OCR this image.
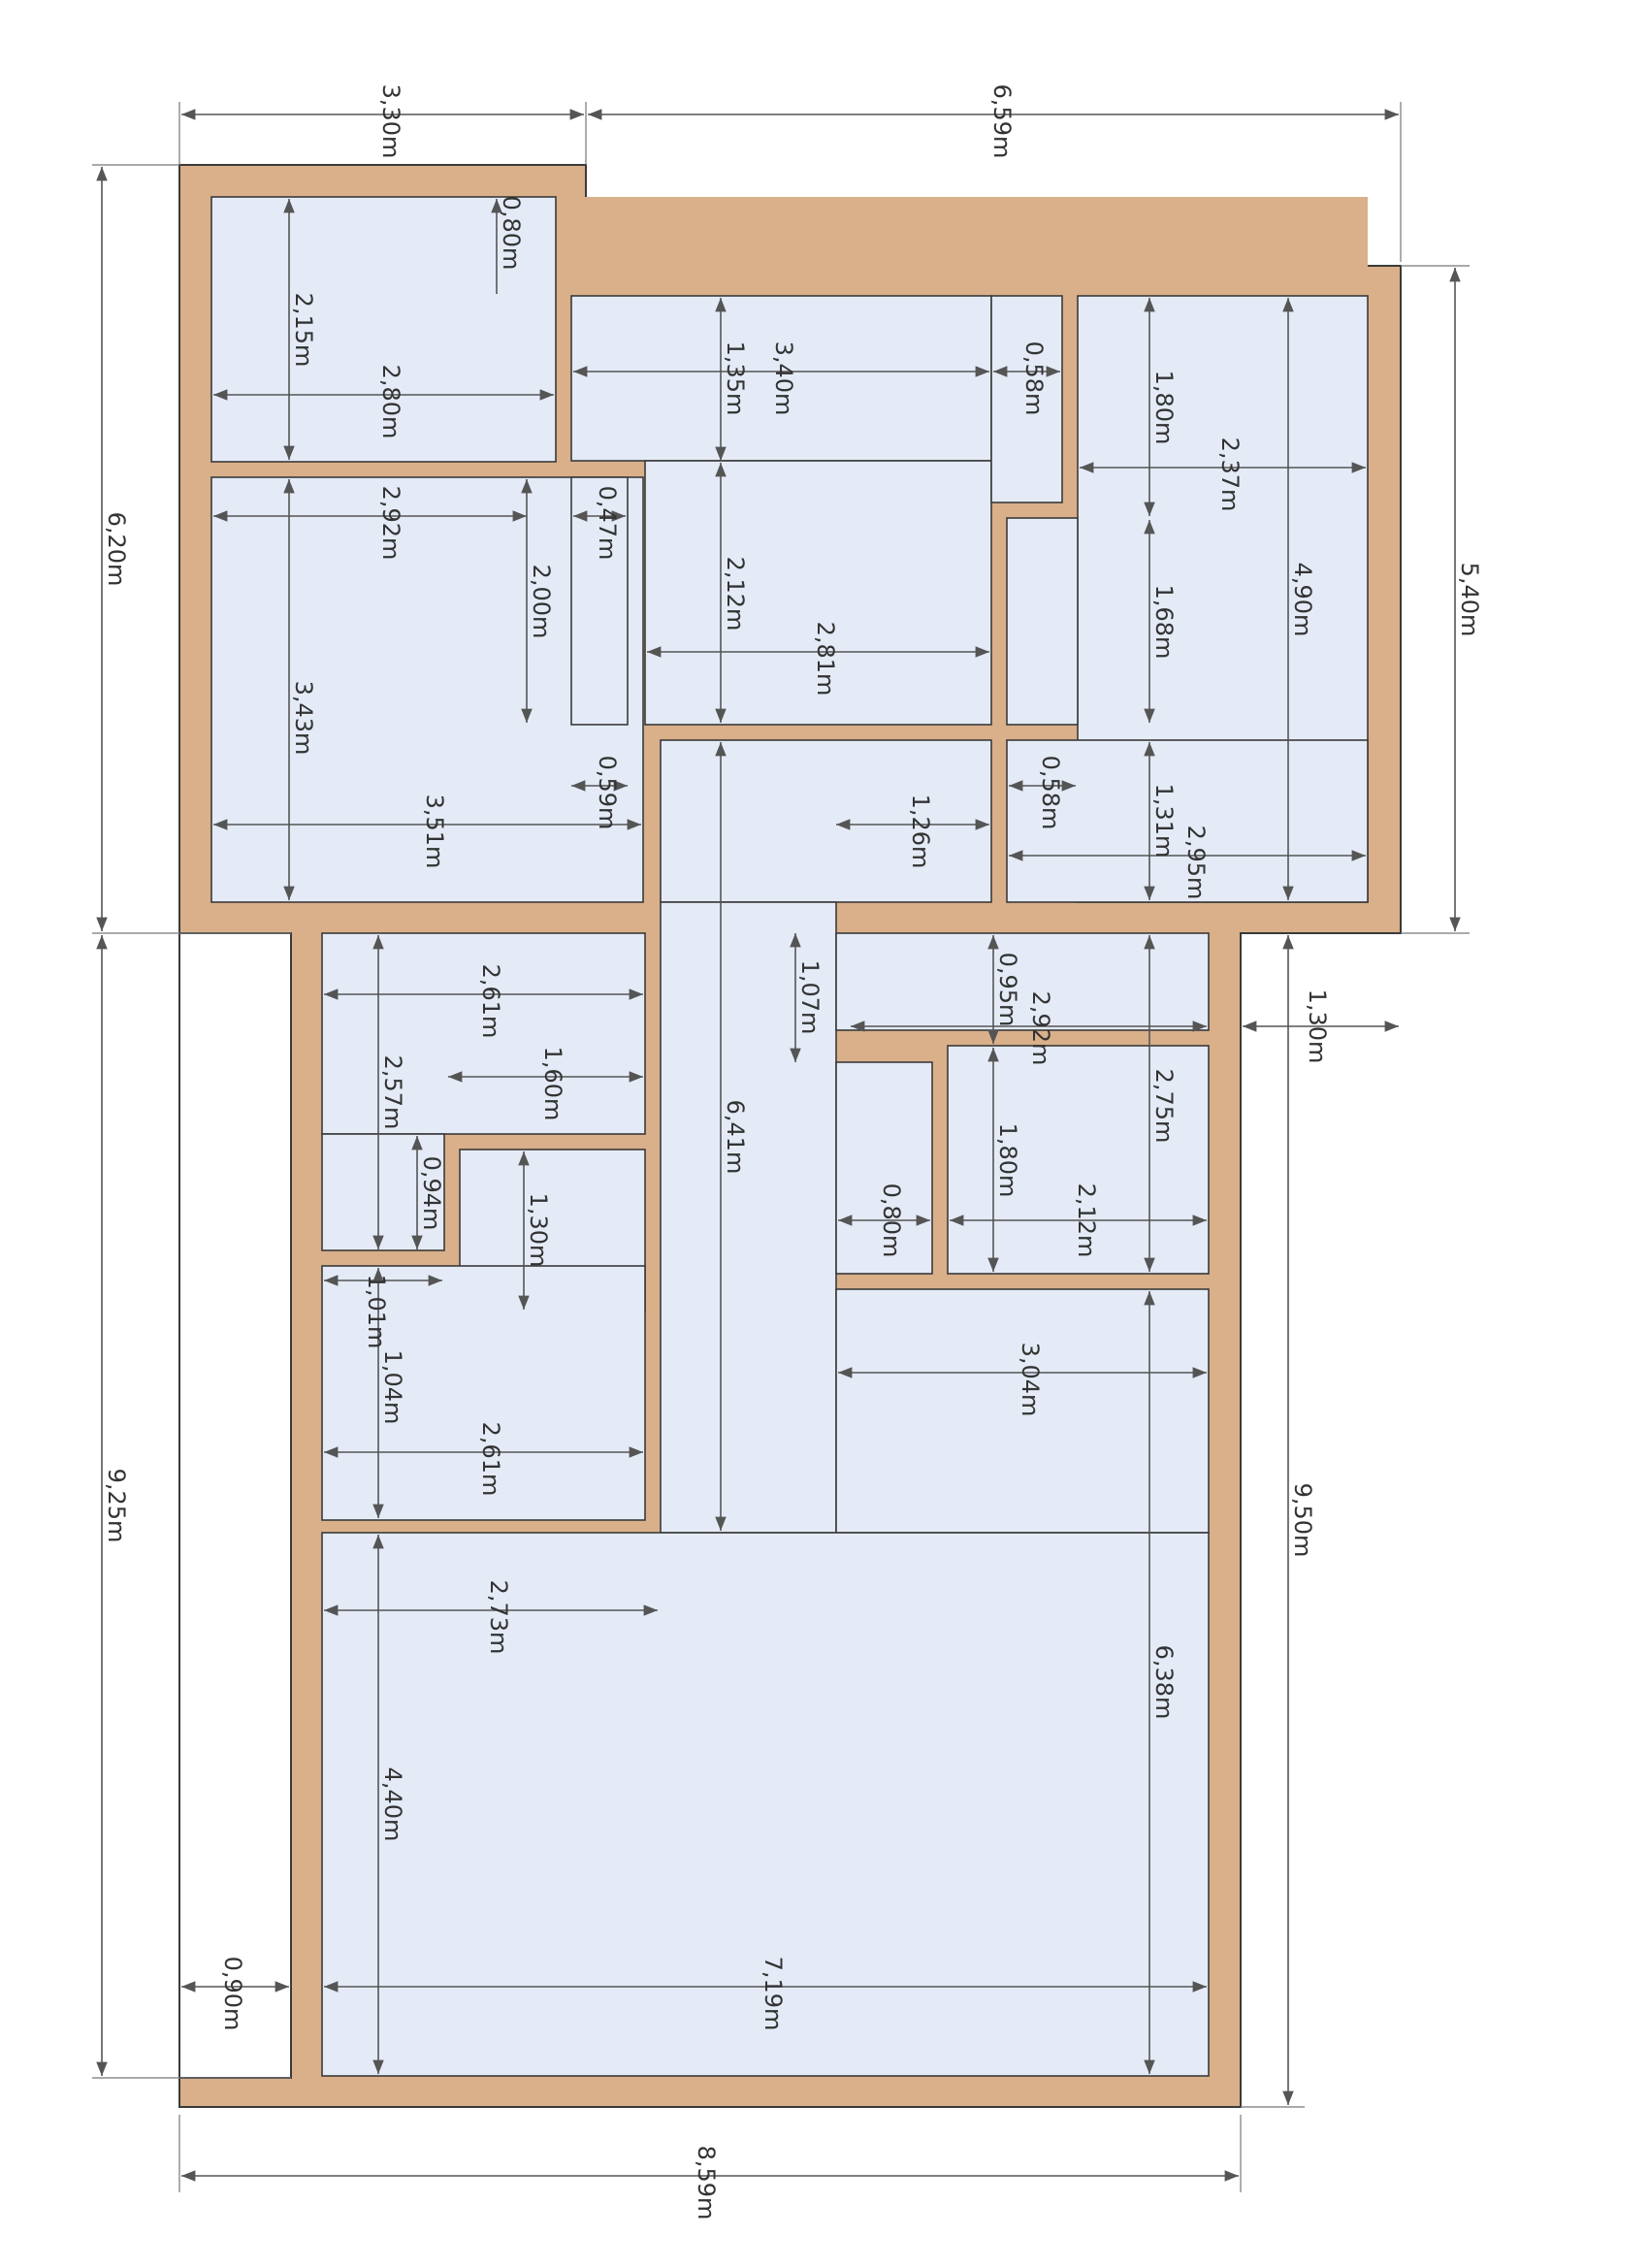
3,30m	6,59m
6,20m
9,25m
5,40m
9,50m
1,30m
8,59m
0,90m
0,80m
2,15m
2,80m
2,92m
2,00m
0,47m
3,43m
3,51m
0,59m
1,35m 3,40m	0,58m
2,12m
2,81m
1,80m
2,37m
4,90m
1,68m
0,58m	1,31m
2,95m
1,26m
6,41m
2,61m
1,60m
2,57m
0,94m	1,30m
1,01m
1,04m
2,61m
1,07m	0,95m
2,92m
2,75m
1,80m
0,80m	2,12m
3,04m
6,38m
2,73m
4,40m
7,19m
